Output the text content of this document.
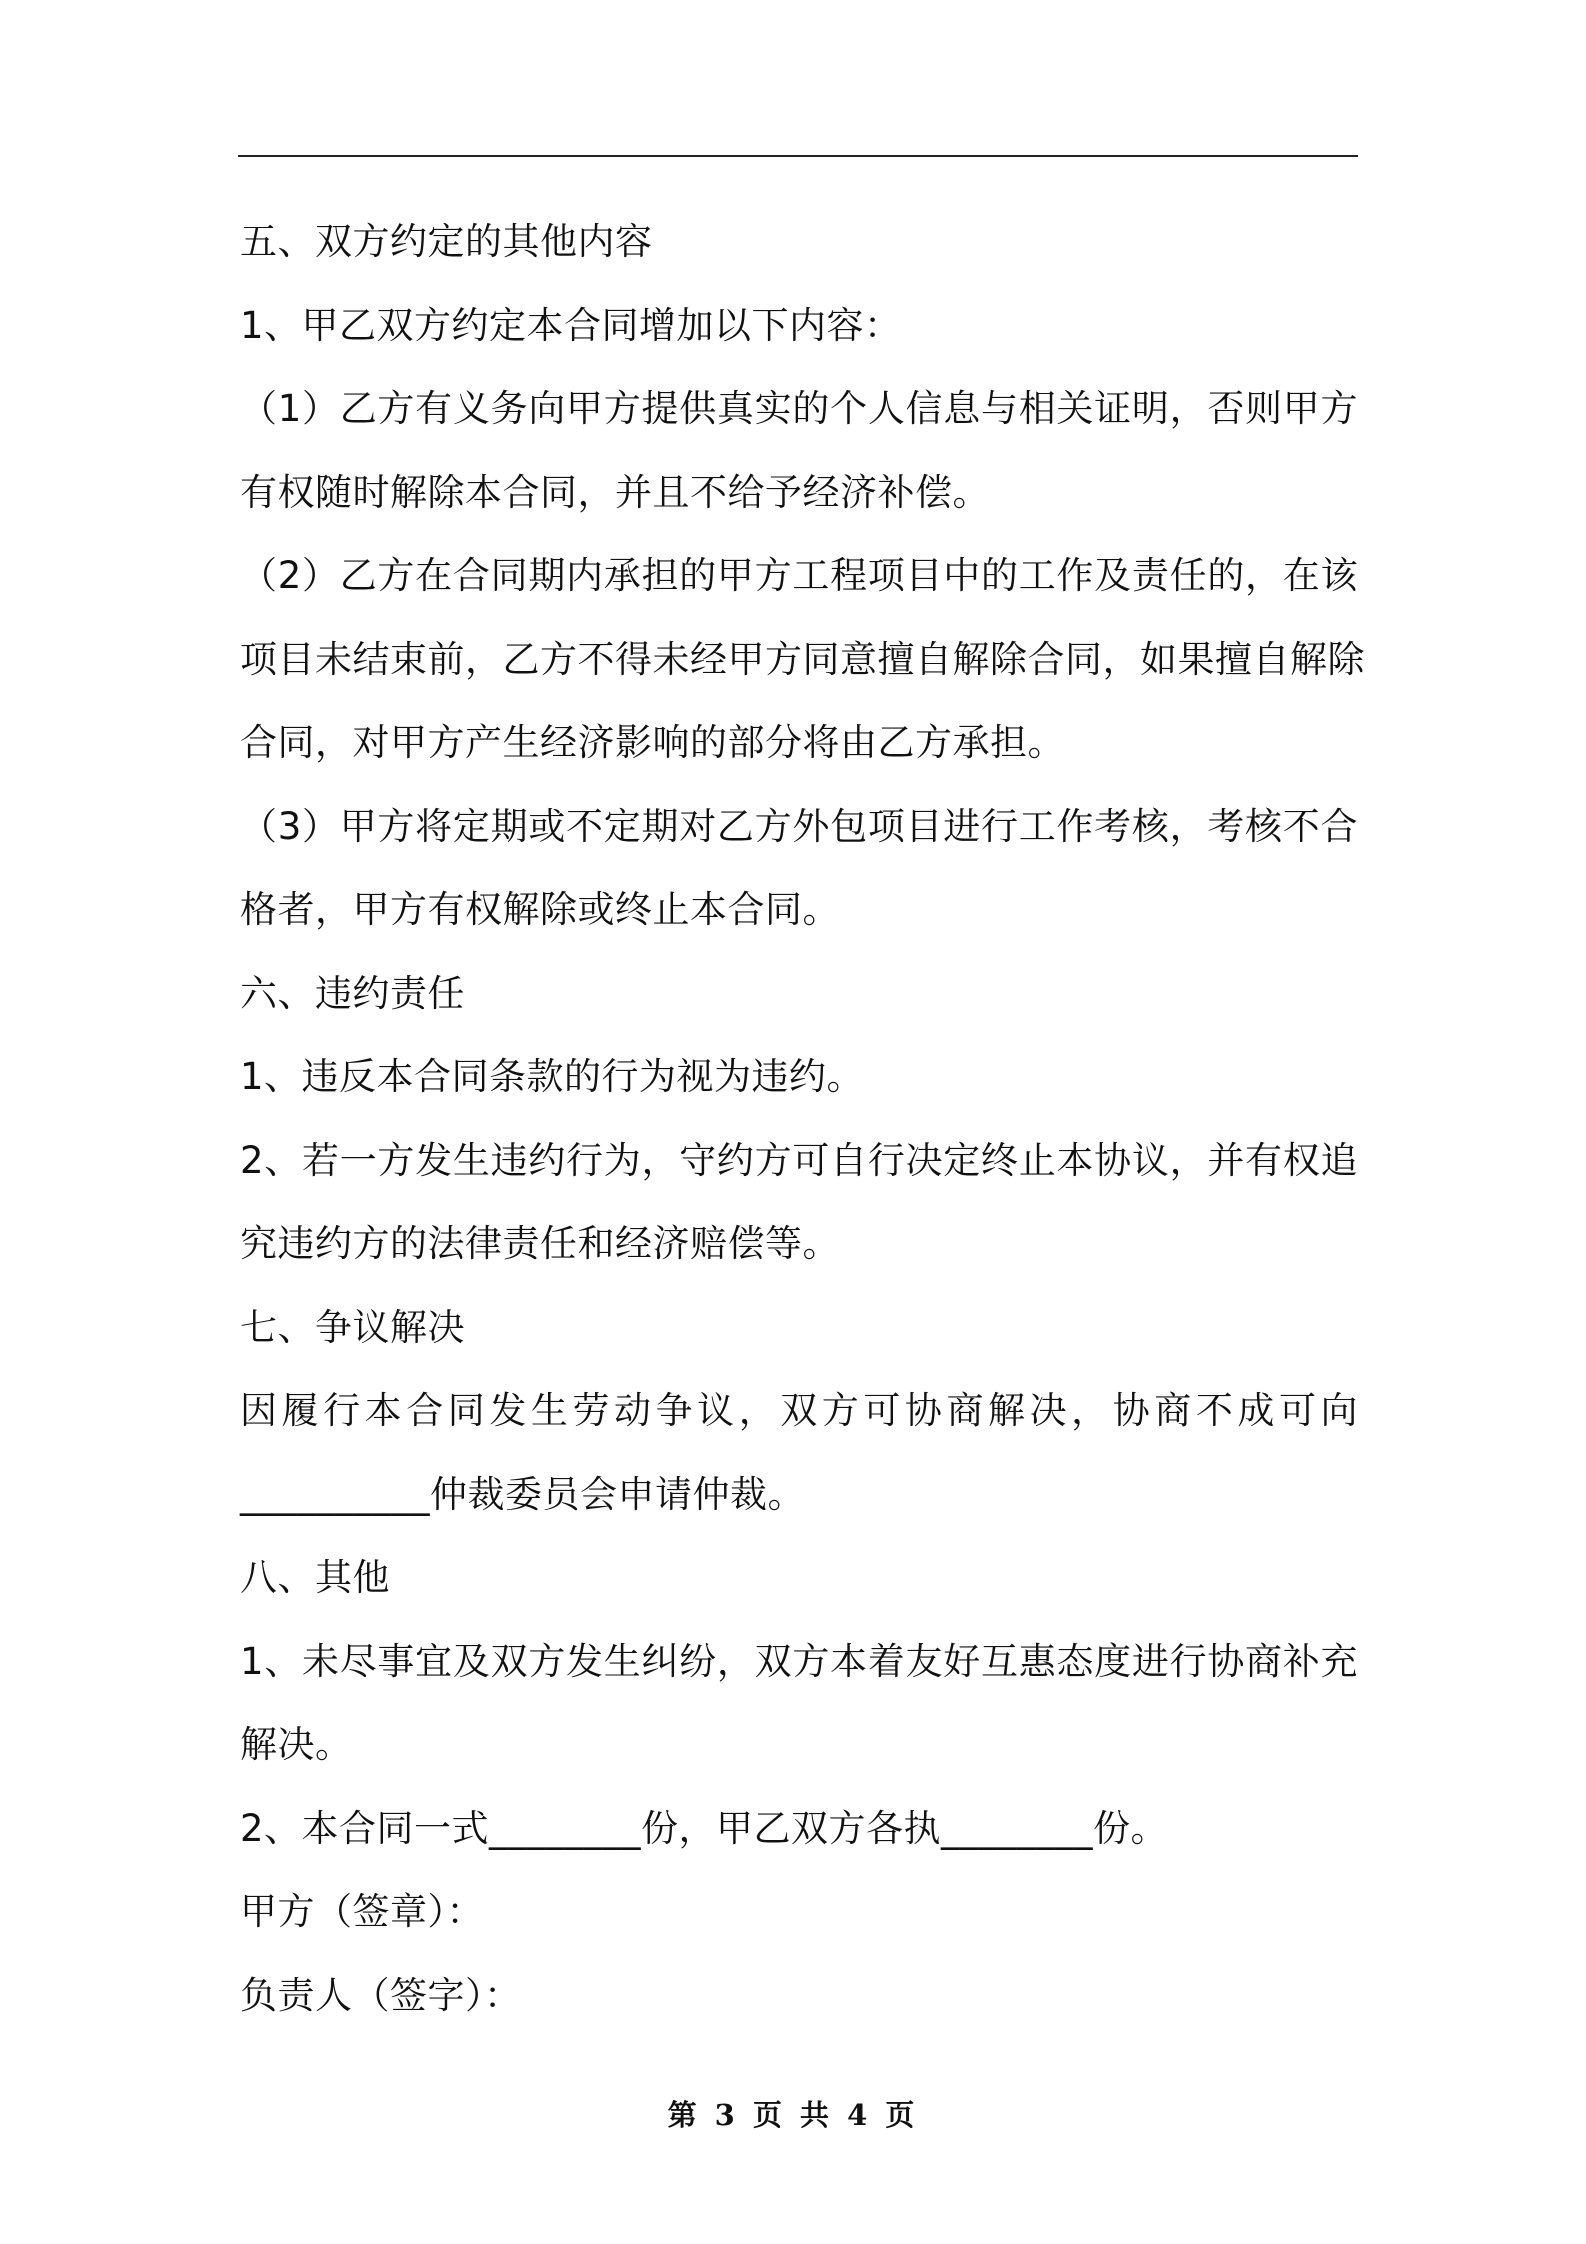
五、双方约定的其他内容
1、甲乙双方约定本合同增加以下内容：
（1）乙方有义务向甲方提供真实的个人信息与相关证明，否则甲方
有权随时解除本合同，并且不给予经济补偿。
（2）乙方在合同期内承担的甲方工程项目中的工作及责任的，在该
项目未结束前，乙方不得未经甲方同意擅自解除合同，如果擅自解除
合同，对甲方产生经济影响的部分将由乙方承担。
（3）甲方将定期或不定期对乙方外包项目进行工作考核，考核不合
格者，甲方有权解除或终止本合同。
六、违约责任
1、违反本合同条款的行为视为违约。
2、若一方发生违约行为，守约方可自行决定终止本协议，并有权追
究违约方的法律责任和经济赔偿等。
七、争议解决
因履行本合同发生劳动争议，双方可协商解决，协商不成可向
__________仲裁委员会申请仲裁。
八、其他
1、未尽事宜及双方发生纠纷，双方本着友好互惠态度进行协商补充
解决。
2、本合同一式________份，甲乙双方各执________份。
甲方（签章）：
负责人（签字）：
第 3 页 共 4 页
